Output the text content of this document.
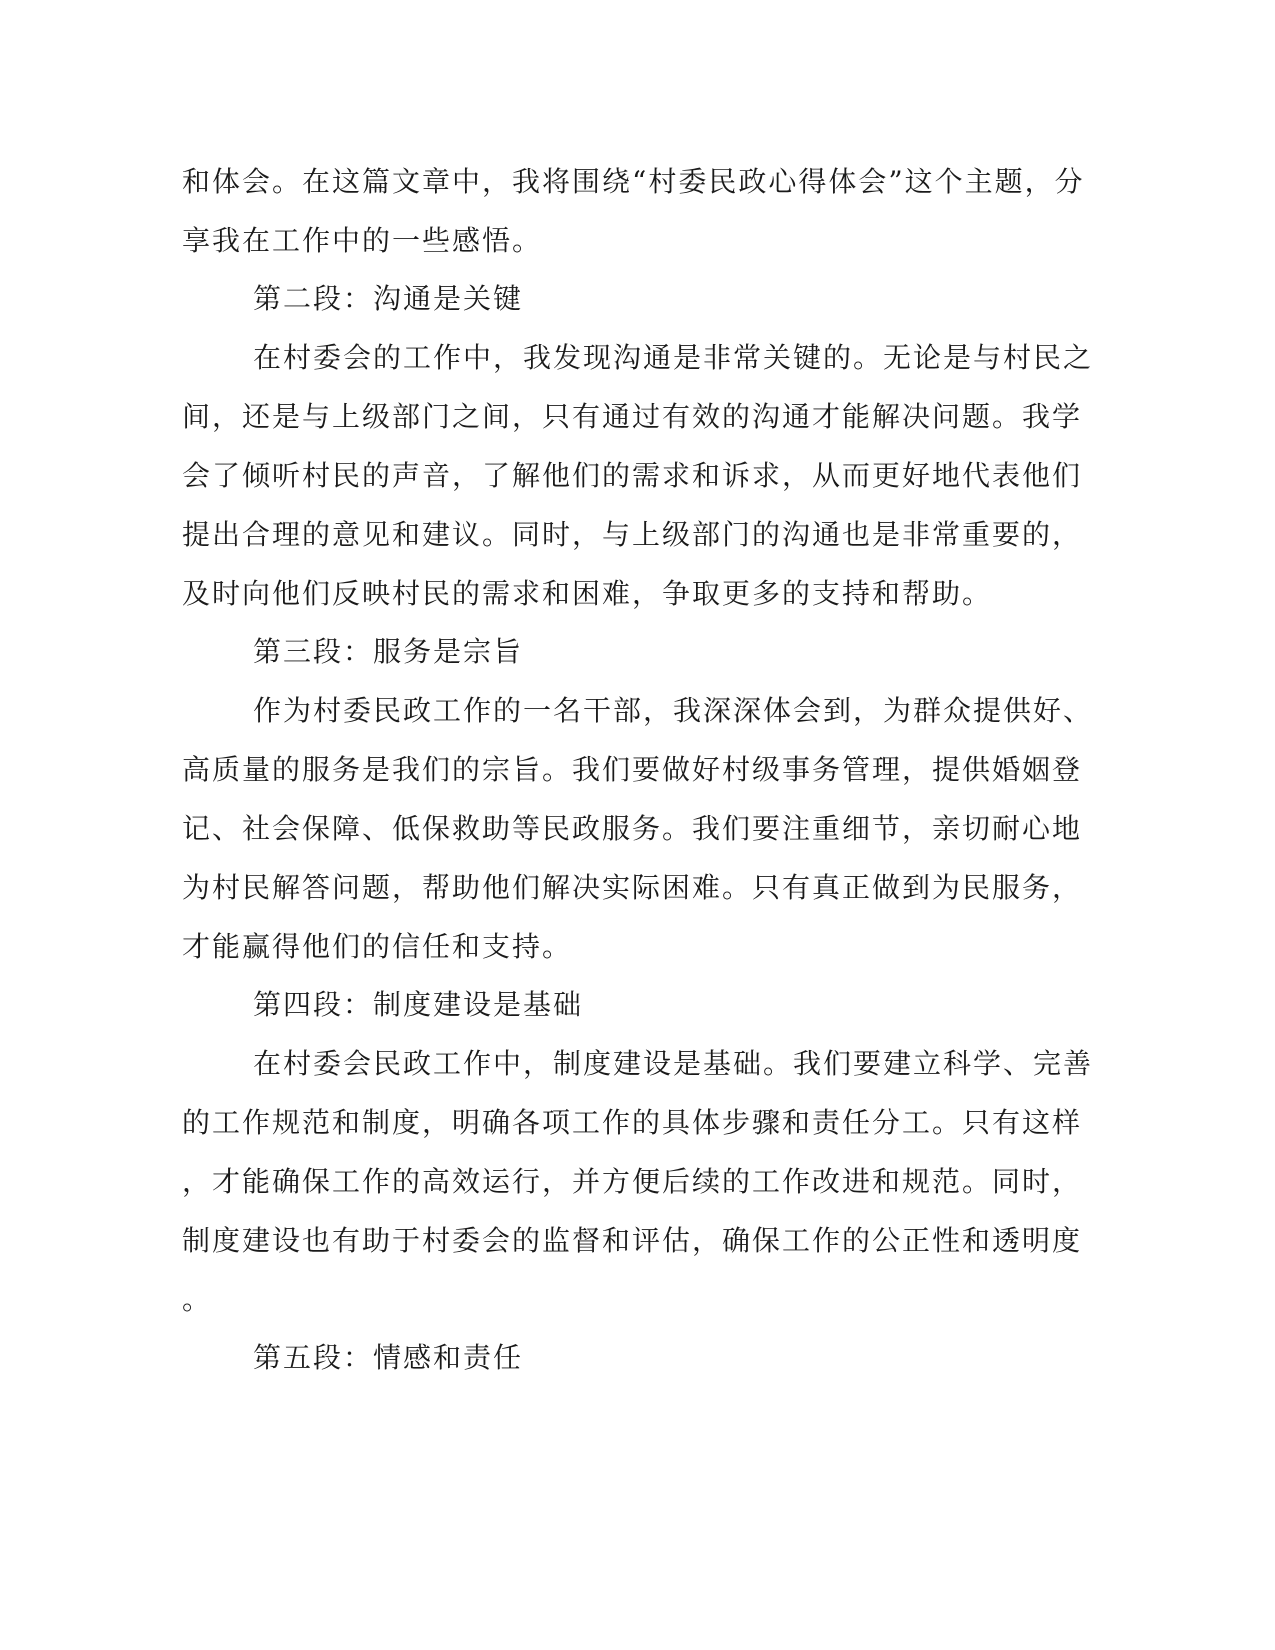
和体会。在这篇文章中，我将围绕“村委民政心得体会”这个主题，分
享我在工作中的一些感悟。
第二段：沟通是关键
在村委会的工作中，我发现沟通是非常关键的。无论是与村民之
间，还是与上级部门之间，只有通过有效的沟通才能解决问题。我学
会了倾听村民的声音，了解他们的需求和诉求，从而更好地代表他们
提出合理的意见和建议。同时，与上级部门的沟通也是非常重要的，
及时向他们反映村民的需求和困难，争取更多的支持和帮助。
第三段：服务是宗旨
作为村委民政工作的一名干部，我深深体会到，为群众提供好、
高质量的服务是我们的宗旨。我们要做好村级事务管理，提供婚姻登
记、社会保障、低保救助等民政服务。我们要注重细节，亲切耐心地
为村民解答问题，帮助他们解决实际困难。只有真正做到为民服务，
才能赢得他们的信任和支持。
第四段：制度建设是基础
在村委会民政工作中，制度建设是基础。我们要建立科学、完善
的工作规范和制度，明确各项工作的具体步骤和责任分工。只有这样
，才能确保工作的高效运行，并方便后续的工作改进和规范。同时，
制度建设也有助于村委会的监督和评估，确保工作的公正性和透明度
。
第五段：情感和责任
